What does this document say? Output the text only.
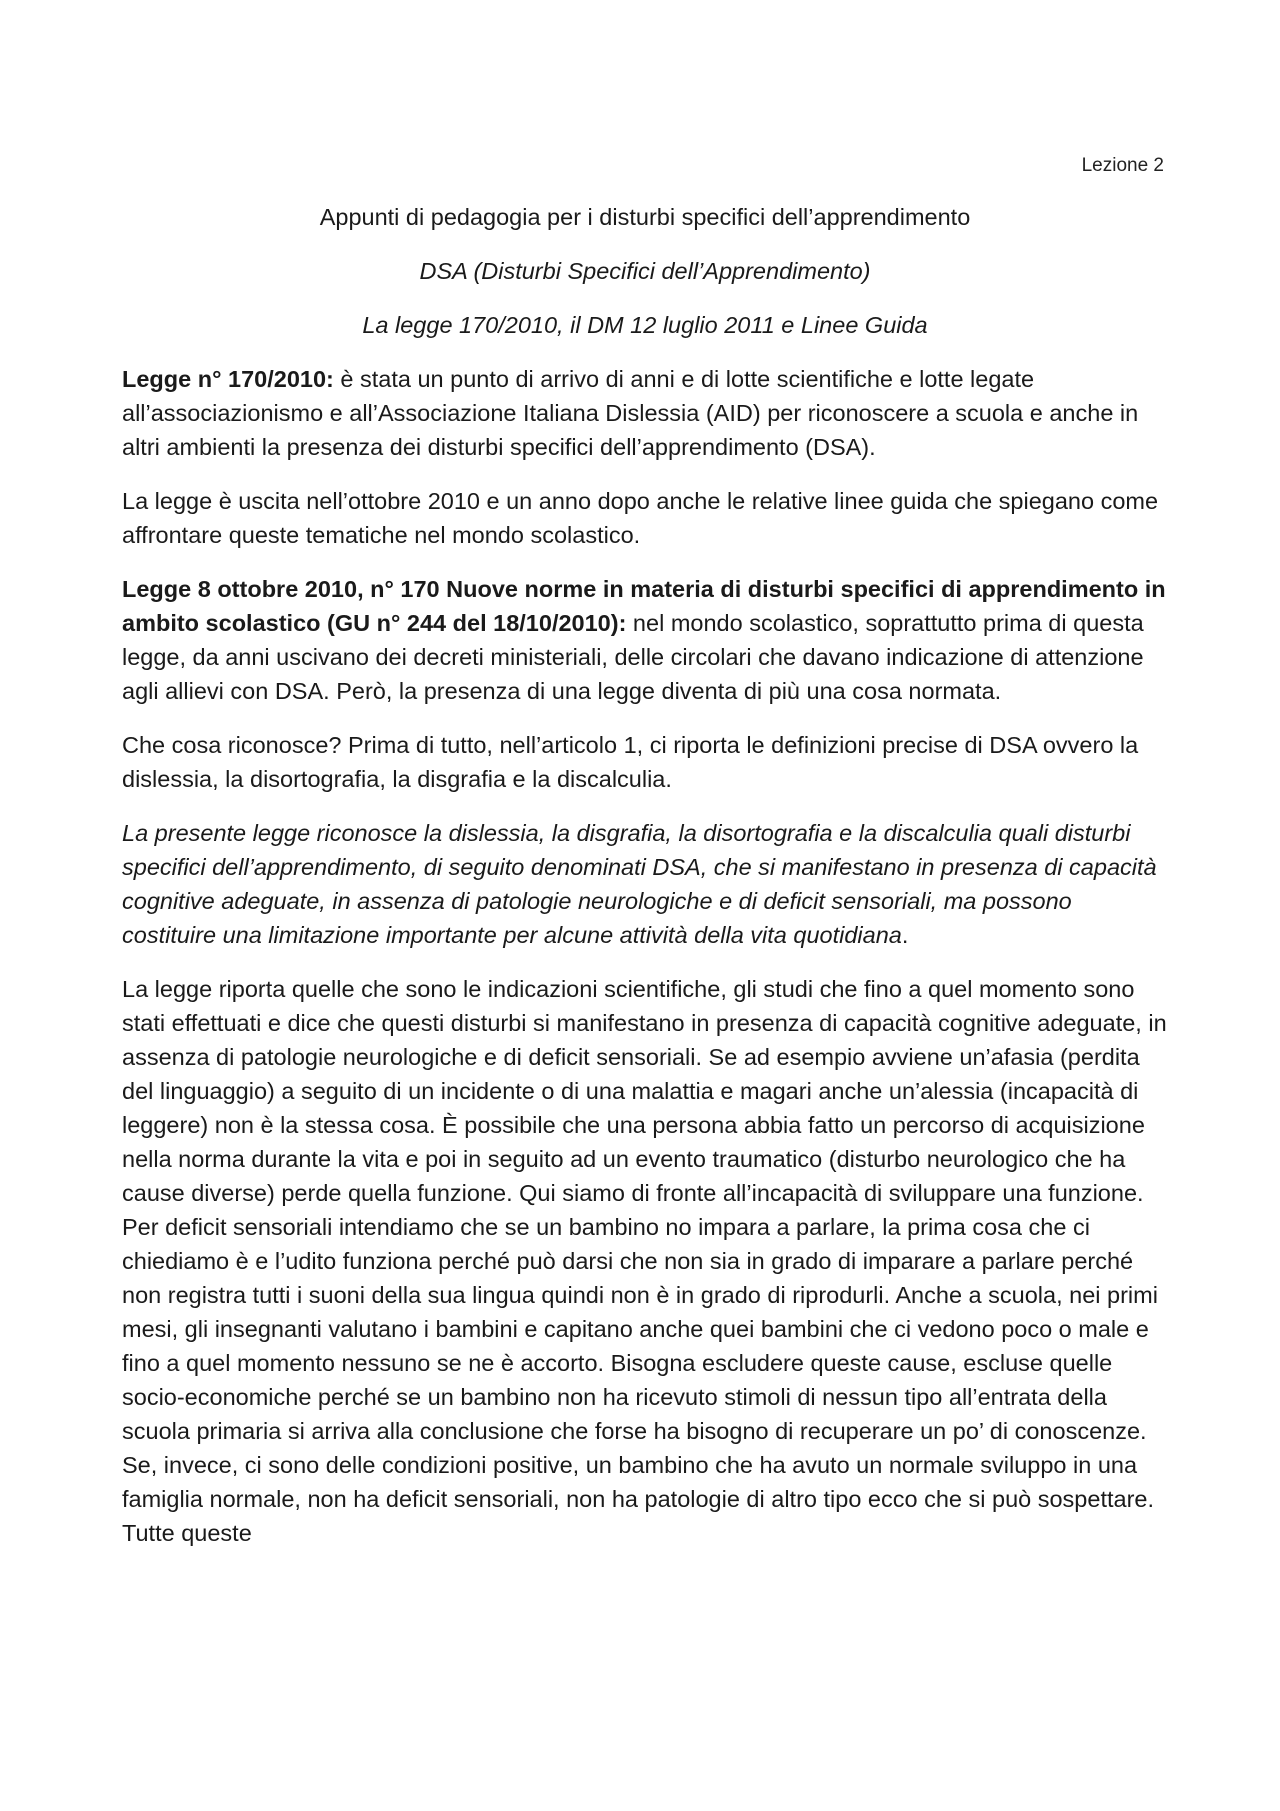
Lezione 2
Appunti di pedagogia per i disturbi specifici dell’apprendimento
DSA (Disturbi Specifici dell’Apprendimento)
La legge 170/2010, il DM 12 luglio 2011 e Linee Guida

Legge n° 170/2010: è stata un punto di arrivo di anni e di lotte scientifiche e lotte legate all’associazionismo e all’Associazione Italiana Dislessia (AID) per riconoscere a scuola e anche in altri ambienti la presenza dei disturbi specifici dell’apprendimento (DSA).

La legge è uscita nell’ottobre 2010 e un anno dopo anche le relative linee guida che spiegano come affrontare queste tematiche nel mondo scolastico.

Legge 8 ottobre 2010, n° 170 Nuove norme in materia di disturbi specifici di apprendimento in ambito scolastico (GU n° 244 del 18/10/2010): nel mondo scolastico, soprattutto prima di questa legge, da anni uscivano dei decreti ministeriali, delle circolari che davano indicazione di attenzione agli allievi con DSA. Però, la presenza di una legge diventa di più una cosa normata.

Che cosa riconosce? Prima di tutto, nell’articolo 1, ci riporta le definizioni precise di DSA ovvero la dislessia, la disortografia, la disgrafia e la discalculia.

La presente legge riconosce la dislessia, la disgrafia, la disortografia e la discalculia quali disturbi specifici dell’apprendimento, di seguito denominati DSA, che si manifestano in presenza di capacità cognitive adeguate, in assenza di patologie neurologiche e di deficit sensoriali, ma possono costituire una limitazione importante per alcune attività della vita quotidiana.

La legge riporta quelle che sono le indicazioni scientifiche, gli studi che fino a quel momento sono stati effettuati e dice che questi disturbi si manifestano in presenza di capacità cognitive adeguate, in assenza di patologie neurologiche e di deficit sensoriali. Se ad esempio avviene un’afasia (perdita del linguaggio) a seguito di un incidente o di una malattia e magari anche un’alessia (incapacità di leggere) non è la stessa cosa. È possibile che una persona abbia fatto un percorso di acquisizione nella norma durante la vita e poi in seguito ad un evento traumatico (disturbo neurologico che ha cause diverse) perde quella funzione. Qui siamo di fronte all’incapacità di sviluppare una funzione. Per deficit sensoriali intendiamo che se un bambino no impara a parlare, la prima cosa che ci chiediamo è e l’udito funziona perché può darsi che non sia in grado di imparare a parlare perché non registra tutti i suoni della sua lingua quindi non è in grado di riprodurli. Anche a scuola, nei primi mesi, gli insegnanti valutano i bambini e capitano anche quei bambini che ci vedono poco o male e fino a quel momento nessuno se ne è accorto. Bisogna escludere queste cause, escluse quelle socio-economiche perché se un bambino non ha ricevuto stimoli di nessun tipo all’entrata della scuola primaria si arriva alla conclusione che forse ha bisogno di recuperare un po’ di conoscenze. Se, invece, ci sono delle condizioni positive, un bambino che ha avuto un normale sviluppo in una famiglia normale, non ha deficit sensoriali, non ha patologie di altro tipo ecco che si può sospettare. Tutte queste
